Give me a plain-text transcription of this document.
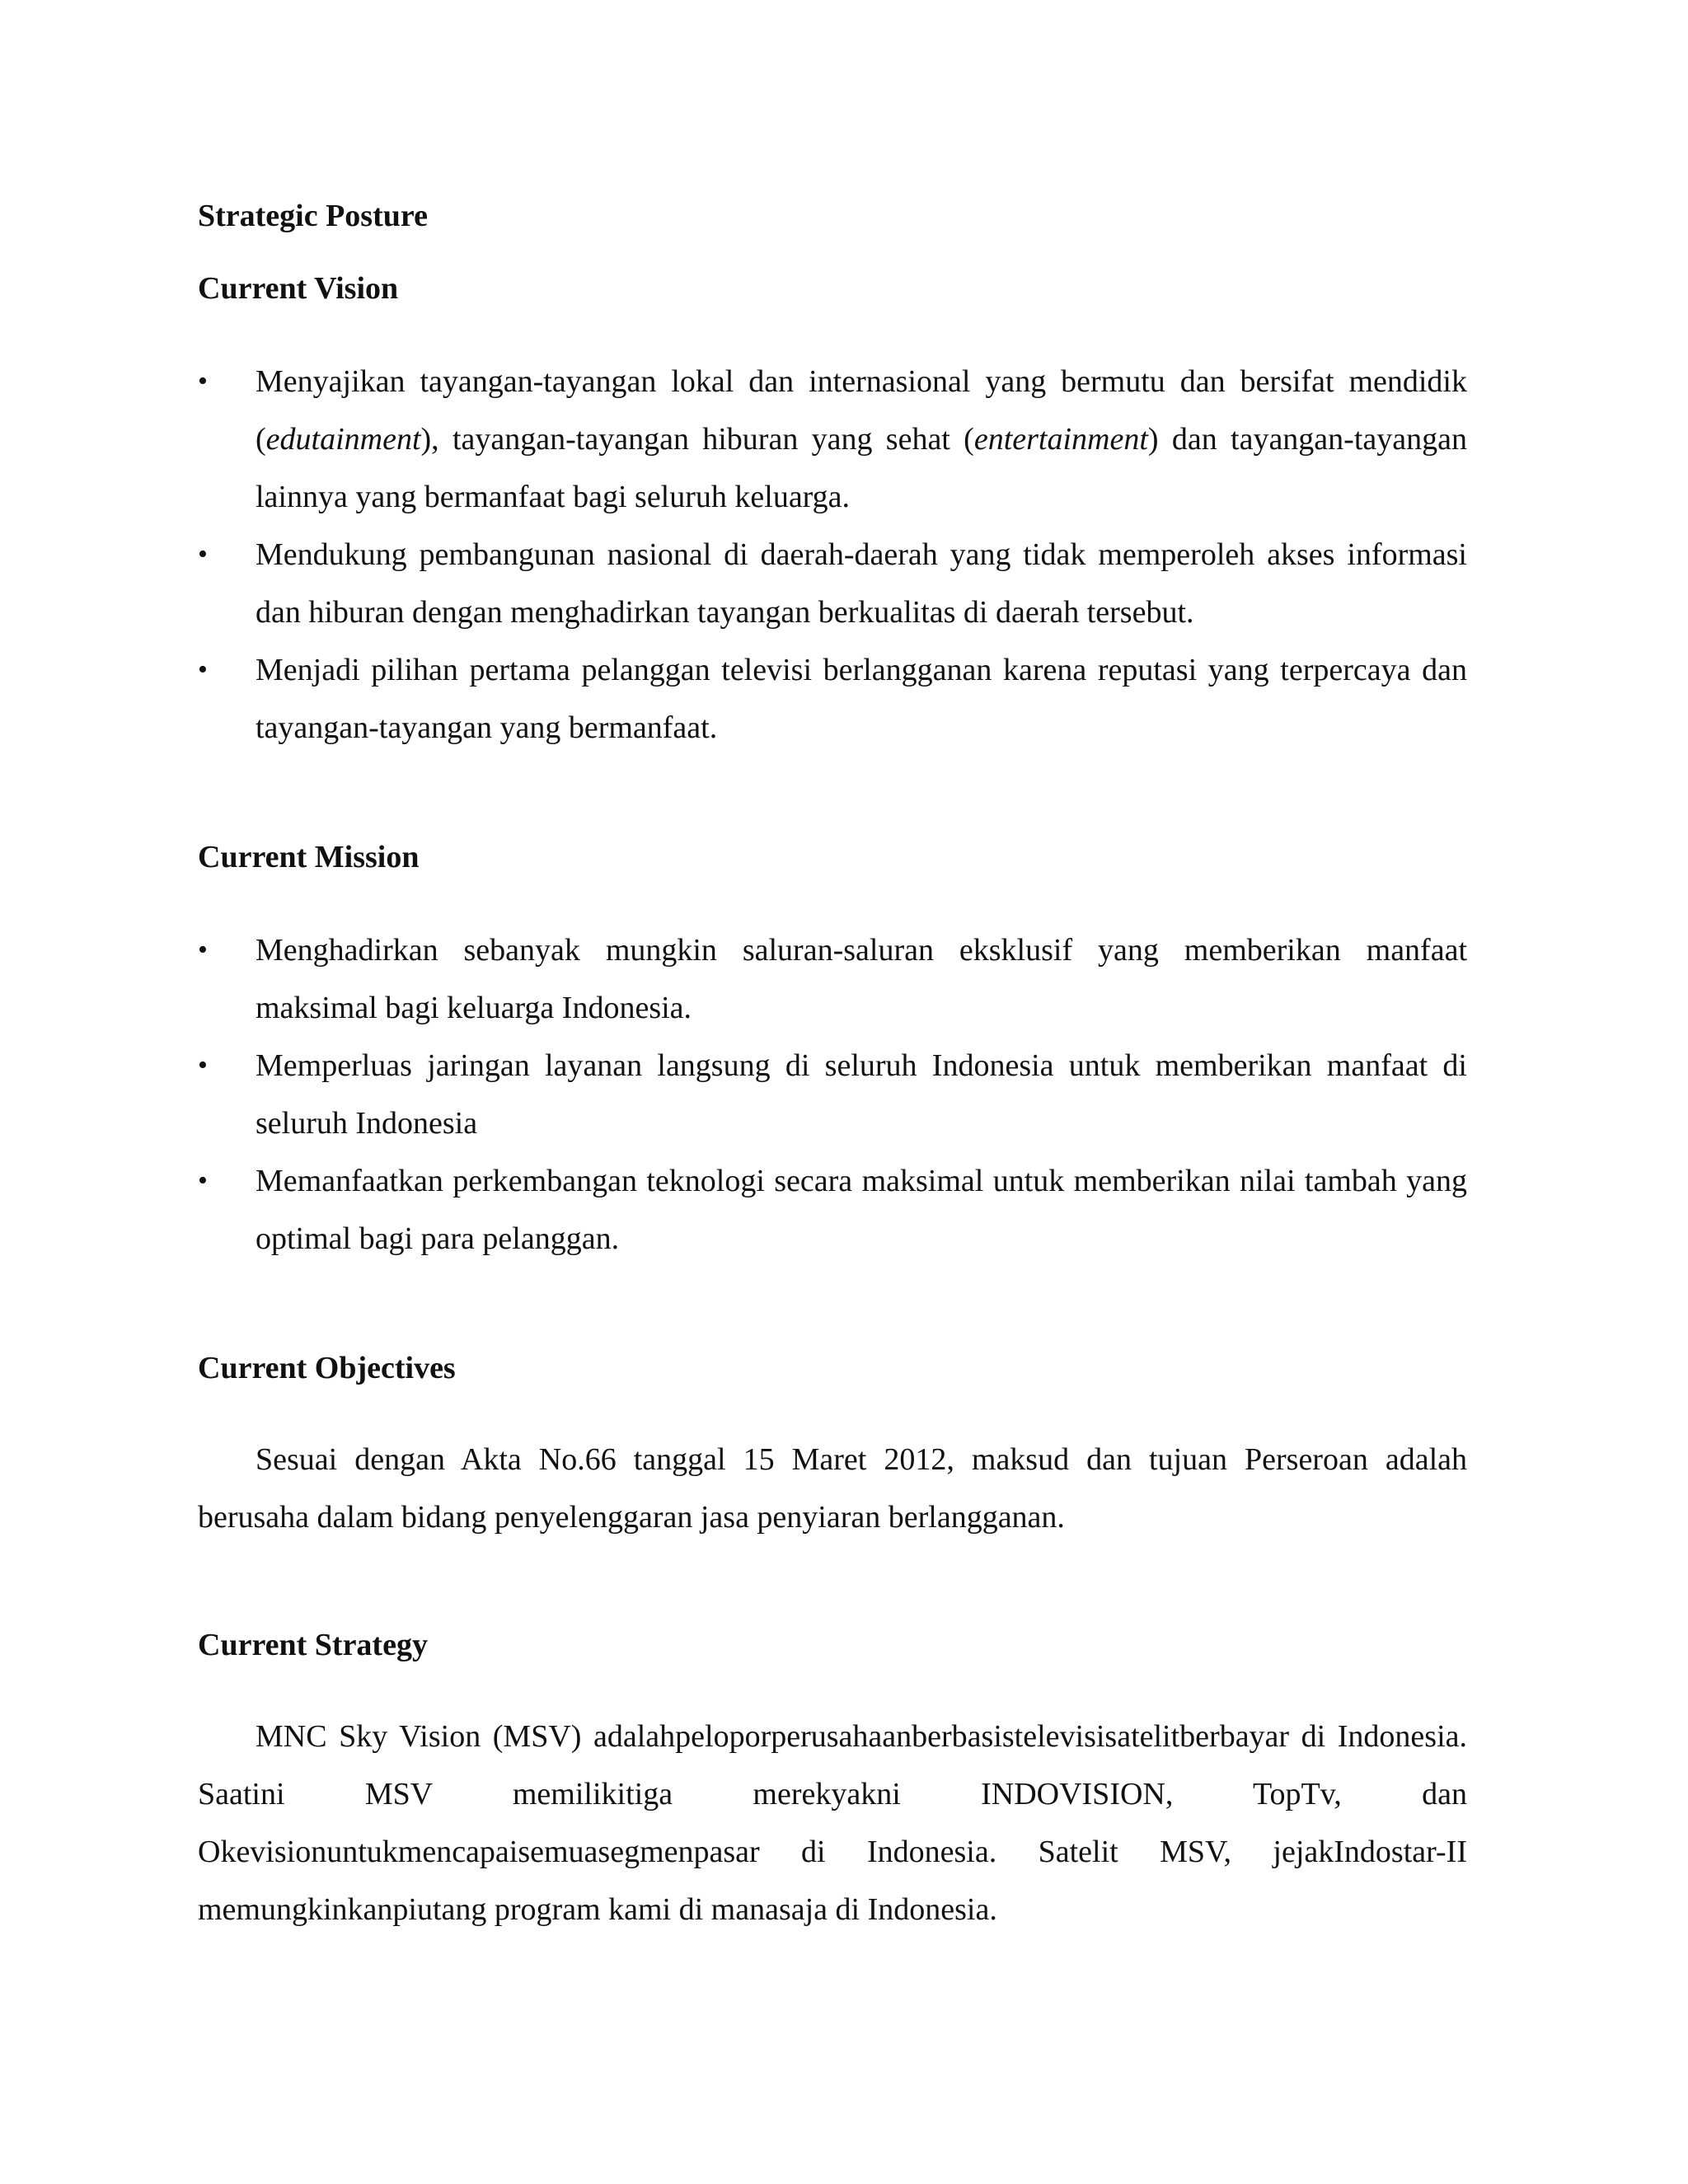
Strategic Posture
Current Vision
•	Menyajikan tayangan-tayangan lokal dan internasional yang bermutu dan bersifat mendidik (edutainment), tayangan-tayangan hiburan yang sehat (entertainment) dan tayangan-tayangan lainnya yang bermanfaat bagi seluruh keluarga.
•	Mendukung pembangunan nasional di daerah-daerah yang tidak memperoleh akses informasi dan hiburan dengan menghadirkan tayangan berkualitas di daerah tersebut.
•	Menjadi pilihan pertama pelanggan televisi berlangganan karena reputasi yang terpercaya dan tayangan-tayangan yang bermanfaat.
Current Mission
•	Menghadirkan sebanyak mungkin saluran-saluran eksklusif yang memberikan manfaat maksimal bagi keluarga Indonesia.
•	Memperluas jaringan layanan langsung di seluruh Indonesia untuk memberikan manfaat di seluruh Indonesia
•	Memanfaatkan perkembangan teknologi secara maksimal untuk memberikan nilai tambah yang optimal bagi para pelanggan.
Current Objectives
Sesuai dengan Akta No.66 tanggal 15 Maret 2012, maksud dan tujuan Perseroan adalah berusaha dalam bidang penyelenggaran jasa penyiaran berlangganan.
Current Strategy
MNC Sky Vision (MSV) adalahpeloporperusahaanberbasistelevisisatelitberbayar di Indonesia. Saatini MSV memilikitiga merekyakni INDOVISION, TopTv, dan Okevisionuntukmencapaisemuasegmenpasar di Indonesia. Satelit MSV, jejakIndostar-II memungkinkanpiutang program kami di manasaja di Indonesia.
